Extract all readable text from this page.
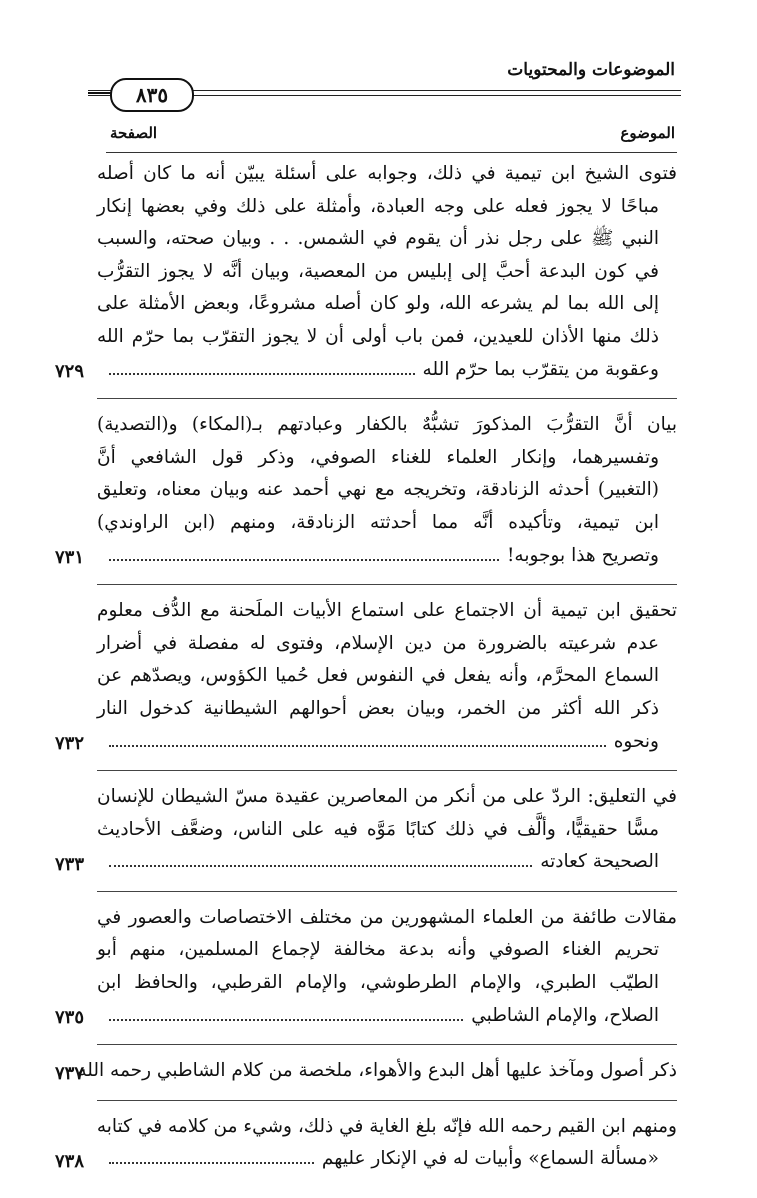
الموضوعات والمحتويات
٨٣٥
الموضوع
الصفحة
فتوى الشيخ ابن تيمية في ذلك، وجوابه على أسئلة يبيّن أنه ما كان أصله
مباحًا لا يجوز فعله على وجه العبادة، وأمثلة على ذلك وفي بعضها إنكار
النبي ﷺ على رجل نذر أن يقوم في الشمس. . . وبيان صحته، والسبب
في كون البدعة أحبَّ إلى إبليس من المعصية، وبيان أنَّه لا يجوز التقرُّب
إلى الله بما لم يشرعه الله، ولو كان أصله مشروعًا، وبعض الأمثلة على
ذلك منها الأذان للعيدين، فمن باب أولى أن لا يجوز التقرّب بما حرّم الله
وعقوبة من يتقرّب بما حرّم الله
٧٢٩
بيان أنَّ التقرُّبَ المذكورَ تشبُّهٌ بالكفار وعبادتهم بـ(المكاء) و(التصدية)
وتفسيرهما، وإنكار العلماء للغناء الصوفي، وذكر قول الشافعي أنَّ
(التغبير) أحدثه الزنادقة، وتخريجه مع نهي أحمد عنه وبيان معناه، وتعليق
ابن تيمية، وتأكيده أنَّه مما أحدثته الزنادقة، ومنهم (ابن الراوندي)
وتصريح هذا بوجوبه!
٧٣١
تحقيق ابن تيمية أن الاجتماع على استماع الأبيات الملَحنة مع الدُّف معلوم
عدم شرعيته بالضرورة من دين الإسلام، وفتوى له مفصلة في أضرار
السماع المحرَّم، وأنه يفعل في النفوس فعل حُميا الكؤوس، ويصدّهم عن
ذكر الله أكثر من الخمر، وبيان بعض أحوالهم الشيطانية كدخول النار
ونحوه
٧٣٢
في التعليق: الردّ على من أنكر من المعاصرين عقيدة مسّ الشيطان للإنسان
مسًّا حقيقيًّا، وألَّف في ذلك كتابًا مَوَّه فيه على الناس، وضعَّف الأحاديث
الصحيحة كعادته
٧٣٣
مقالات طائفة من العلماء المشهورين من مختلف الاختصاصات والعصور في
تحريم الغناء الصوفي وأنه بدعة مخالفة لإجماع المسلمين، منهم أبو
الطيّب الطبري، والإمام الطرطوشي، والإمام القرطبي، والحافظ ابن
الصلاح، والإمام الشاطبي
٧٣٥
ذكر أصول ومآخذ عليها أهل البدع والأهواء، ملخصة من كلام الشاطبي رحمه الله
٧٣٧
ومنهم ابن القيم رحمه الله فإنّه بلغ الغاية في ذلك، وشيء من كلامه في كتابه
«مسألة السماع» وأبيات له في الإنكار عليهم
٧٣٨
